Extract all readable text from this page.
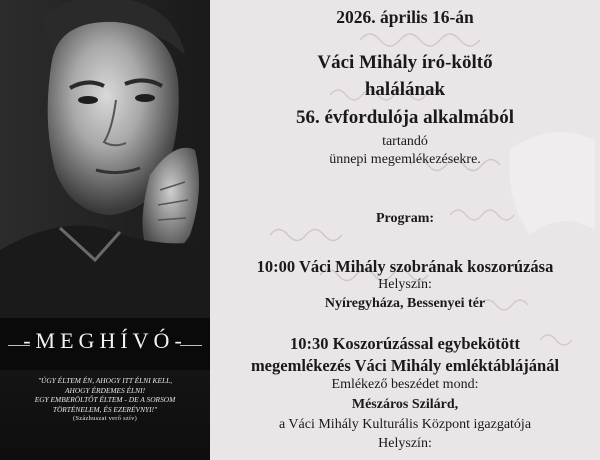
-MEGHÍVÓ-
"ÚGY ÉLTEM ÉN, AHOGY ITT ÉLNI KELL,
AHOGY ÉRDEMES ÉLNI!
EGY EMBERÖLTŐT ÉLTEM - DE A SORSOM
TÖRTÉNELEM, ÉS EZERÉVNYI!"
(Százhuszat verő szív)
2026. április 16-án
Váci Mihály író-költő
halálának
56. évfordulója alkalmából
tartandó
ünnepi megemlékezésekre.
Program:
10:00 Váci Mihály szobrának koszorúzása
Helyszín:
Nyíregyháza, Bessenyei tér
10:30 Koszorúzással egybekötött
megemlékezés Váci Mihály emléktáblájánál
Emlékező beszédet mond:
Mészáros Szilárd,
a Váci Mihály Kulturális Központ igazgatója
Helyszín:
